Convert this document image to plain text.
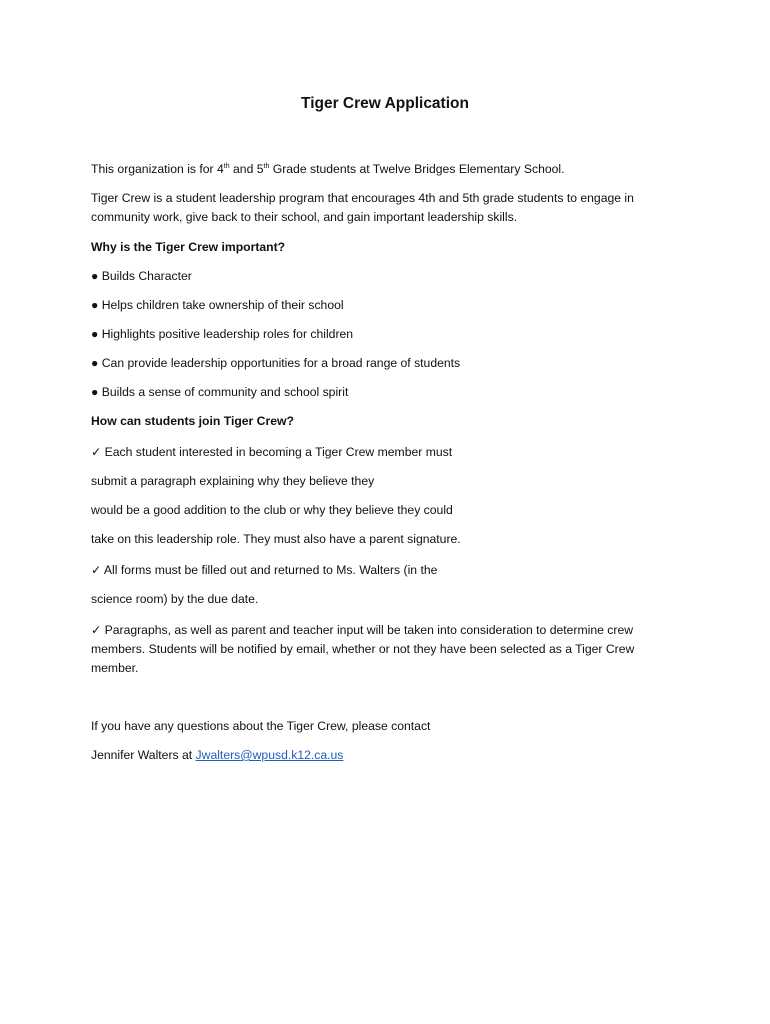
Tiger Crew Application
This organization is for 4th and 5th Grade students at Twelve Bridges Elementary School.
Tiger Crew is a student leadership program that encourages 4th and 5th grade students to engage in
community work, give back to their school, and gain important leadership skills.
Why is the Tiger Crew important?
● Builds Character
● Helps children take ownership of their school
● Highlights positive leadership roles for children
● Can provide leadership opportunities for a broad range of students
● Builds a sense of community and school spirit
How can students join Tiger Crew?
✓ Each student interested in becoming a Tiger Crew member must
submit a paragraph explaining why they believe they
would be a good addition to the club or why they believe they could
take on this leadership role. They must also have a parent signature.
✓ All forms must be filled out and returned to Ms. Walters (in the
science room) by the due date.
✓ Paragraphs, as well as parent and teacher input will be taken into consideration to determine crew
members. Students will be notified by email, whether or not they have been selected as a Tiger Crew
member.
If you have any questions about the Tiger Crew, please contact
Jennifer Walters at Jwalters@wpusd.k12.ca.us
